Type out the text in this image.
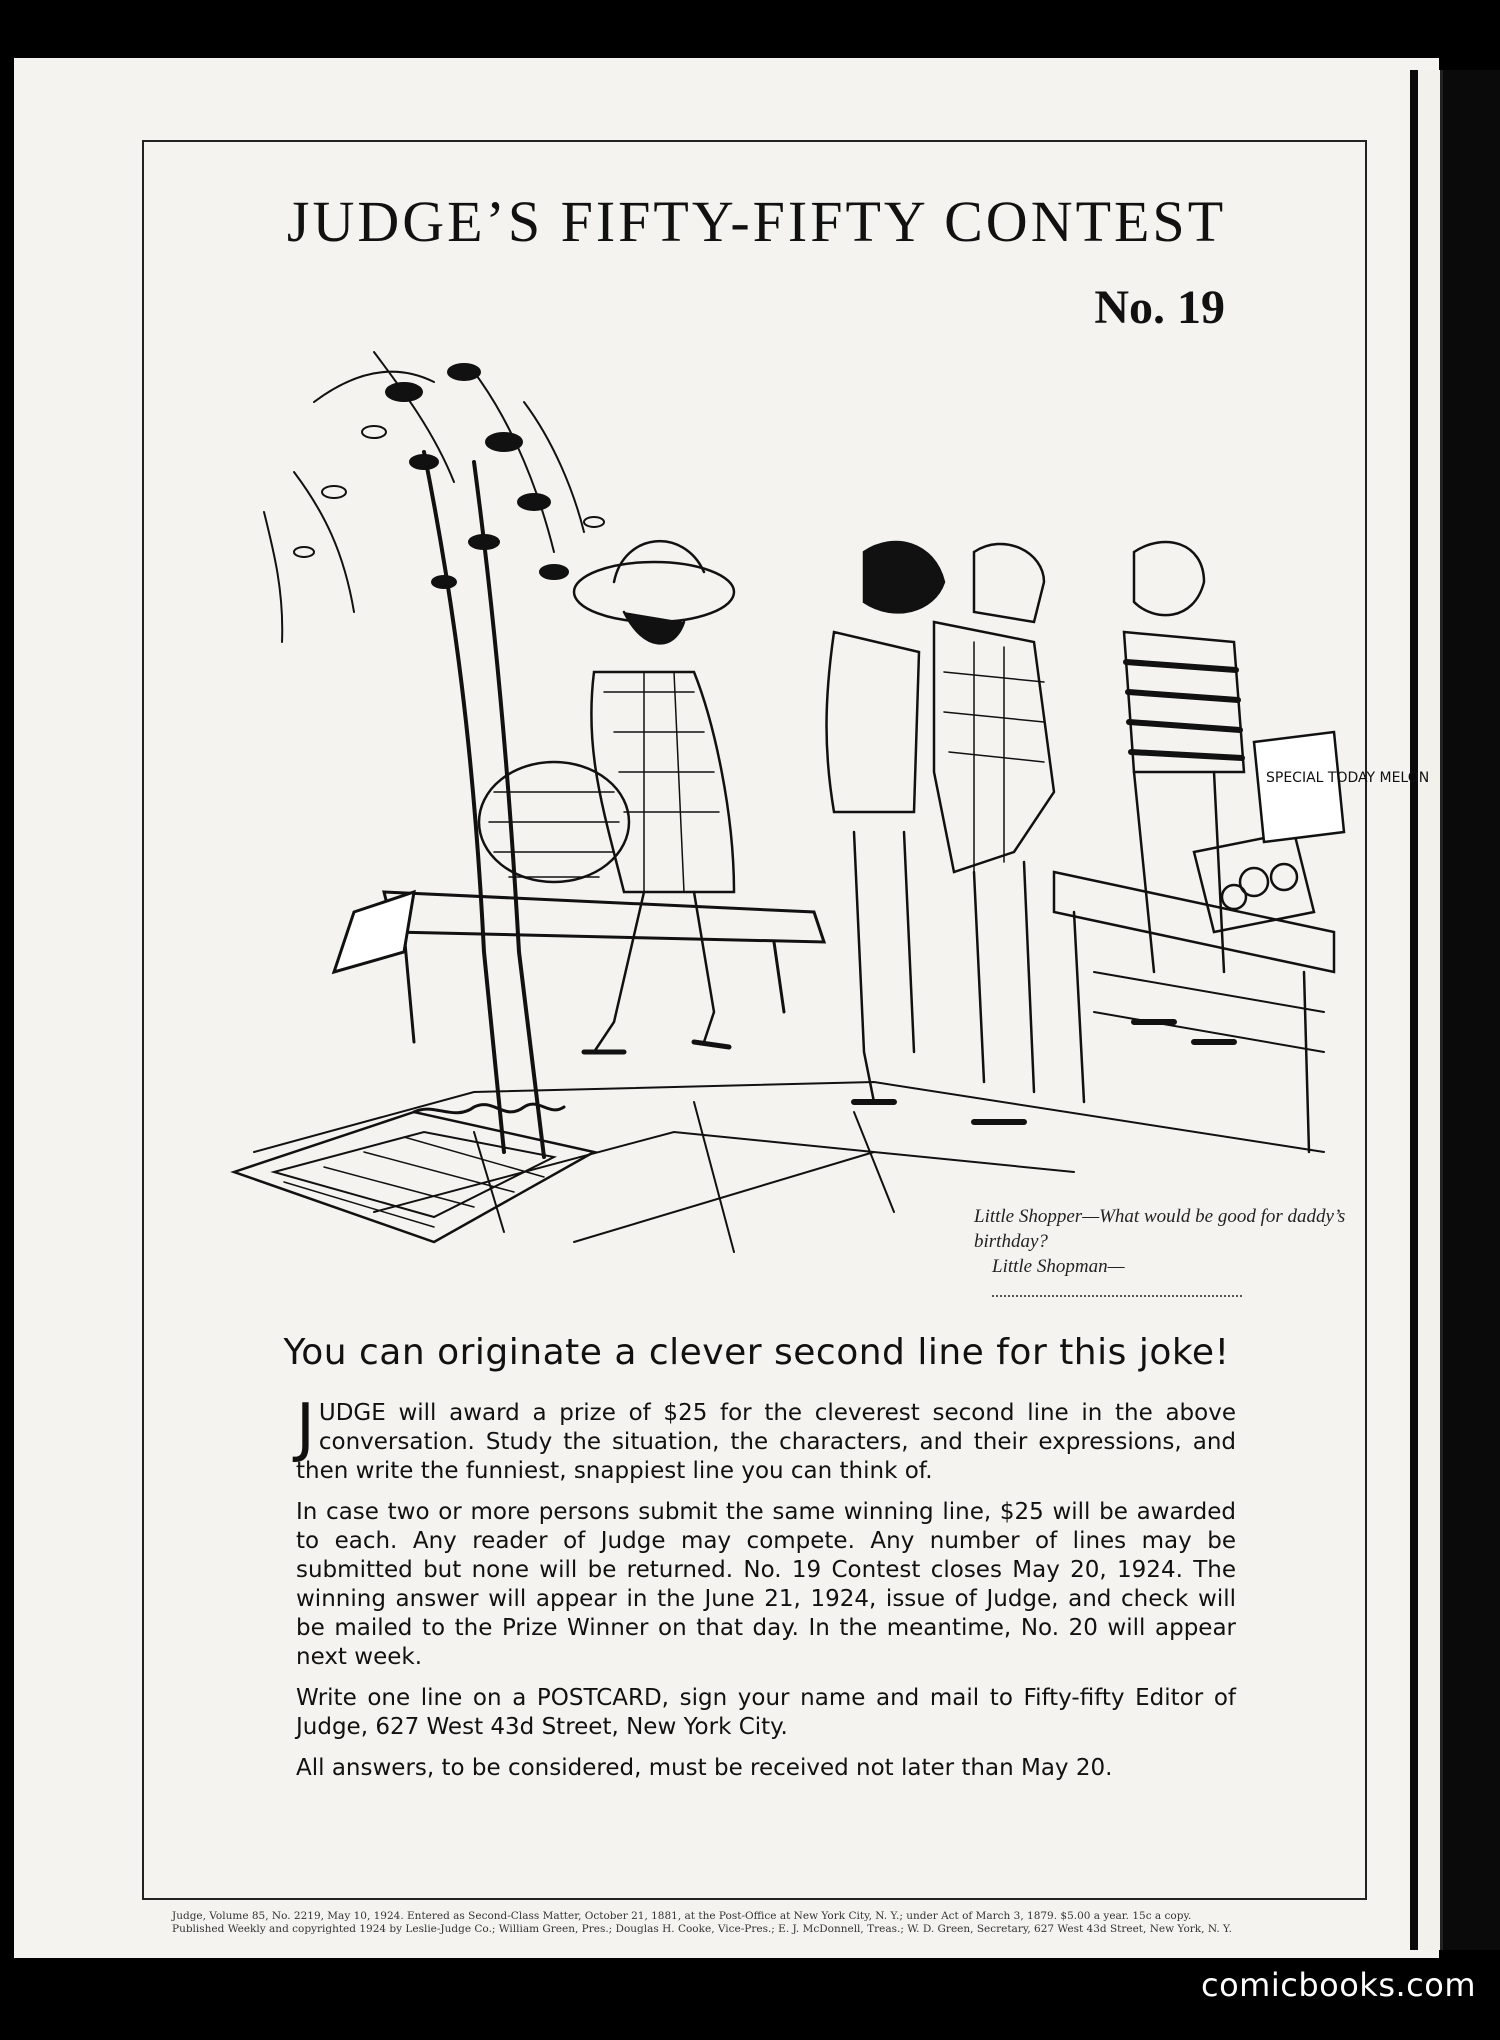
JUDGE’S FIFTY-FIFTY CONTEST
No. 19
SPECIAL TODAY MELON
Little Shopper—What would be good for daddy’s birthday?
Little Shopman—
You can originate a clever second line for this joke!

JUDGE will award a prize of $25 for the cleverest second line in the above conversation. Study the situation, the characters, and their expressions, and then write the funniest, snappiest line you can think of.

In case two or more persons submit the same winning line, $25 will be awarded to each. Any reader of Judge may compete. Any number of lines may be submitted but none will be returned. No. 19 Contest closes May 20, 1924. The winning answer will appear in the June 21, 1924, issue of Judge, and check will be mailed to the Prize Winner on that day. In the meantime, No. 20 will appear next week.

Write one line on a POSTCARD, sign your name and mail to Fifty-fifty Editor of Judge, 627 West 43d Street, New York City.

All answers, to be considered, must be received not later than May 20.

Judge, Volume 85, No. 2219, May 10, 1924. Entered as Second-Class Matter, October 21, 1881, at the Post-Office at New York City, N. Y.; under Act of March 3, 1879. $5.00 a year. 15c a copy.
Published Weekly and copyrighted 1924 by Leslie-Judge Co.; William Green, Pres.; Douglas H. Cooke, Vice-Pres.; E. J. McDonnell, Treas.; W. D. Green, Secretary, 627 West 43d Street, New York, N. Y.
comicbooks.com
